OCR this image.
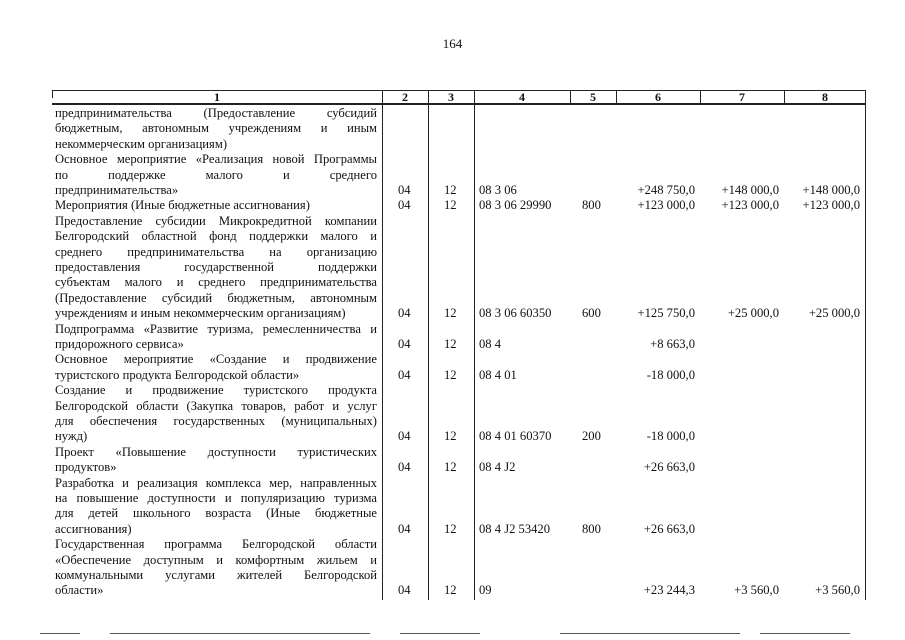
164
1	2	3	4	5	6	7	8
предпринимательства (Предоставление субсидий
бюджетным, автономным учреждениям и иным
некоммерческим организациям)
Основное мероприятие «Реализация новой Программы
по поддержке малого и среднего
предпринимательства»	04	12 08 3 06	+248 750,0 +148 000,0 +148 000,0
Мероприятия (Иные бюджетные ассигнования)	04	12 08 3 06 29990 800	+123 000,0 +123 000,0 +123 000,0
Предоставление субсидии Микрокредитной компании
Белгородский областной фонд поддержки малого и
среднего предпринимательства на организацию
предоставления государственной поддержки
субъектам малого и среднего предпринимательства
(Предоставление субсидий бюджетным, автономным
учреждениям и иным некоммерческим организациям)	04	12 08 3 06 60350 600	+125 750,0	+25 000,0 +25 000,0
Подпрограмма «Развитие туризма, ремесленничества и
придорожного сервиса»	04	12 08 4	+8 663,0
Основное мероприятие «Создание и продвижение
туристского продукта Белгородской области»	04	12 08 4 01	-18 000,0
Создание и продвижение туристского продукта
Белгородской области (Закупка товаров, работ и услуг
для обеспечения государственных (муниципальных)
нужд)	04	12 08 4 01 60370 200	-18 000,0
Проект «Повышение доступности туристических
продуктов»	04	12 08 4 J2	+26 663,0
Разработка и реализация комплекса мер, направленных
на повышение доступности и популяризацию туризма
для детей школьного возраста (Иные бюджетные
ассигнования)	04	12 08 4 J2 53420	800	+26 663,0
Государственная программа Белгородской области
«Обеспечение доступным и комфортным жильем и
коммунальными услугами жителей Белгородской
области»	04	12 09	+23 244,3	+3 560,0	+3 560,0
